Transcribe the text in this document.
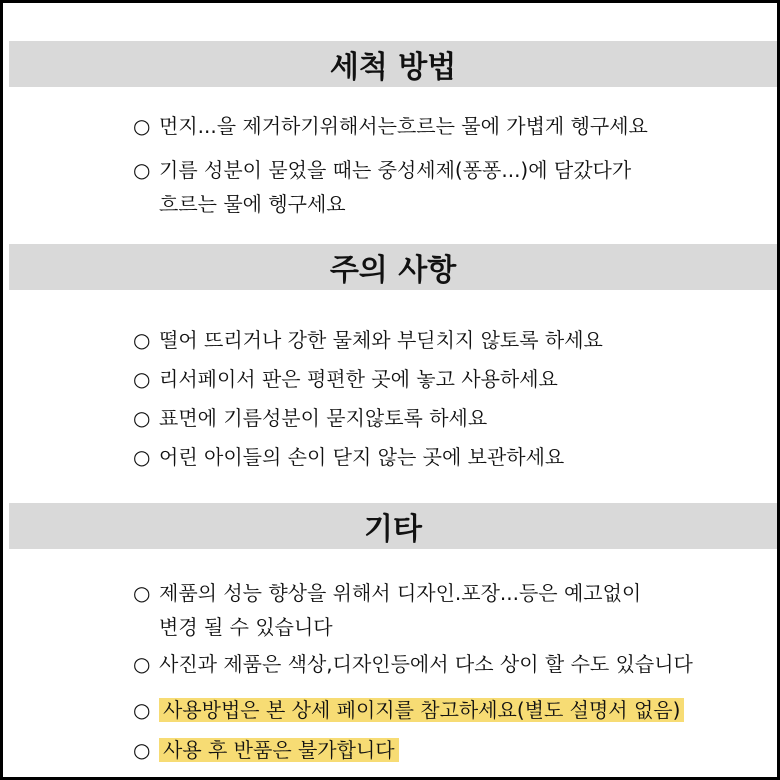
세척 방법
○ 먼지...을 제거하기위해서는흐르는 물에 가볍게 헹구세요
○ 기름 성분이 묻었을 때는 중성세제(퐁퐁...)에 담갔다가
흐르는 물에 헹구세요
주의 사항
○ 떨어 뜨리거나 강한 물체와 부딛치지 않토록 하세요
○ 리서페이서 판은 평편한 곳에 놓고 사용하세요
○ 표면에 기름성분이 묻지않토록 하세요
○ 어린 아이들의 손이 닫지 않는 곳에 보관하세요
기타
○ 제품의 성능 향상을 위해서 디자인.포장...등은 예고없이
변경 될 수 있습니다
○ 사진과 제품은 색상,디자인등에서 다소 상이 할 수도 있습니다
○ 사용방법은 본 상세 페이지를 참고하세요(별도 설명서 없음)
○ 사용 후 반품은 불가합니다
